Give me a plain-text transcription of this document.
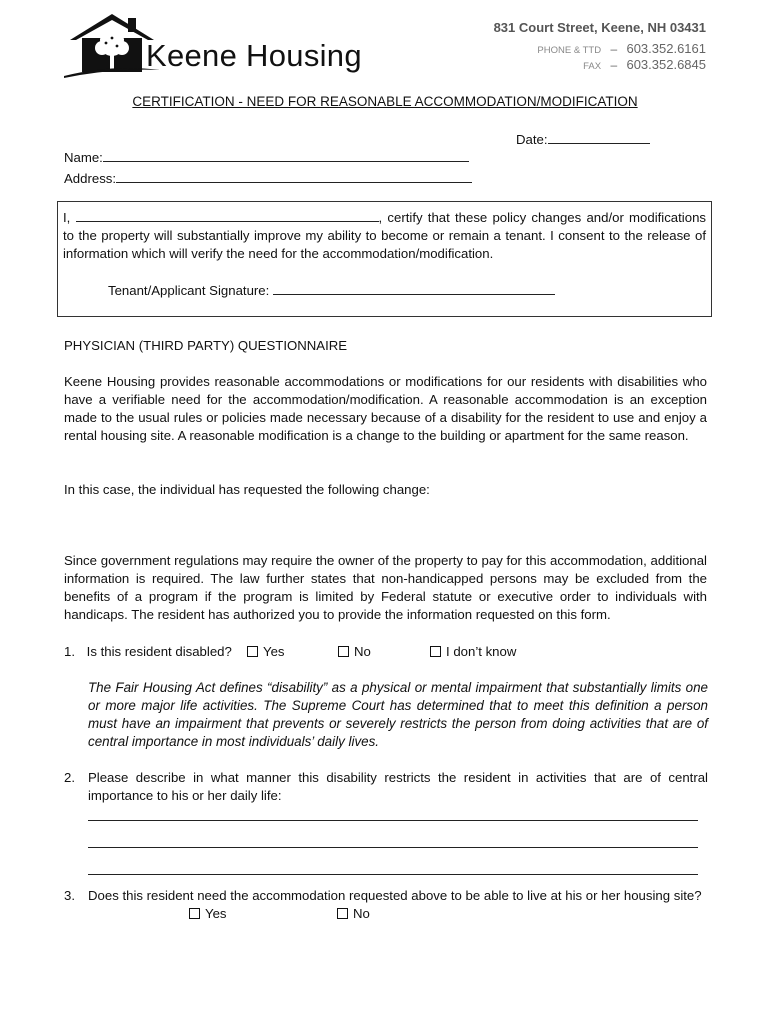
Keene Housing
831 Court Street, Keene, NH 03431
PHONE & TTD – 603.352.6161
FAX – 603.352.6845
CERTIFICATION - NEED FOR REASONABLE ACCOMMODATION/MODIFICATION
Date:
Name:
Address:
I,	, certify that these policy changes and/or modifications to the property will substantially improve my ability to become or remain a tenant. I consent to the release of information which will verify the need for the accommodation/modification.
Tenant/Applicant Signature:
PHYSICIAN (THIRD PARTY) QUESTIONNAIRE
Keene Housing provides reasonable accommodations or modifications for our residents with disabilities who have a verifiable need for the accommodation/modification. A reasonable accommodation is an exception made to the usual rules or policies made necessary because of a disability for the resident to use and enjoy a rental housing site. A reasonable modification is a change to the building or apartment for the same reason.
In this case, the individual has requested the following change:
Since government regulations may require the owner of the property to pay for this accommodation, additional information is required. The law further states that non-handicapped persons may be excluded from the benefits of a program if the program is limited by Federal statute or executive order to individuals with handicaps. The resident has authorized you to provide the information requested on this form.
1. Is this resident disabled?	Yes	No	I don’t know
The Fair Housing Act defines “disability” as a physical or mental impairment that substantially limits one or more major life activities. The Supreme Court has determined that to meet this definition a person must have an impairment that prevents or severely restricts the person from doing activities that are of central importance in most individuals’ daily lives.
2. Please describe in what manner this disability restricts the resident in activities that are of central importance to his or her daily life:
3. Does this resident need the accommodation requested above to be able to live at his or her housing site?
Yes	No
